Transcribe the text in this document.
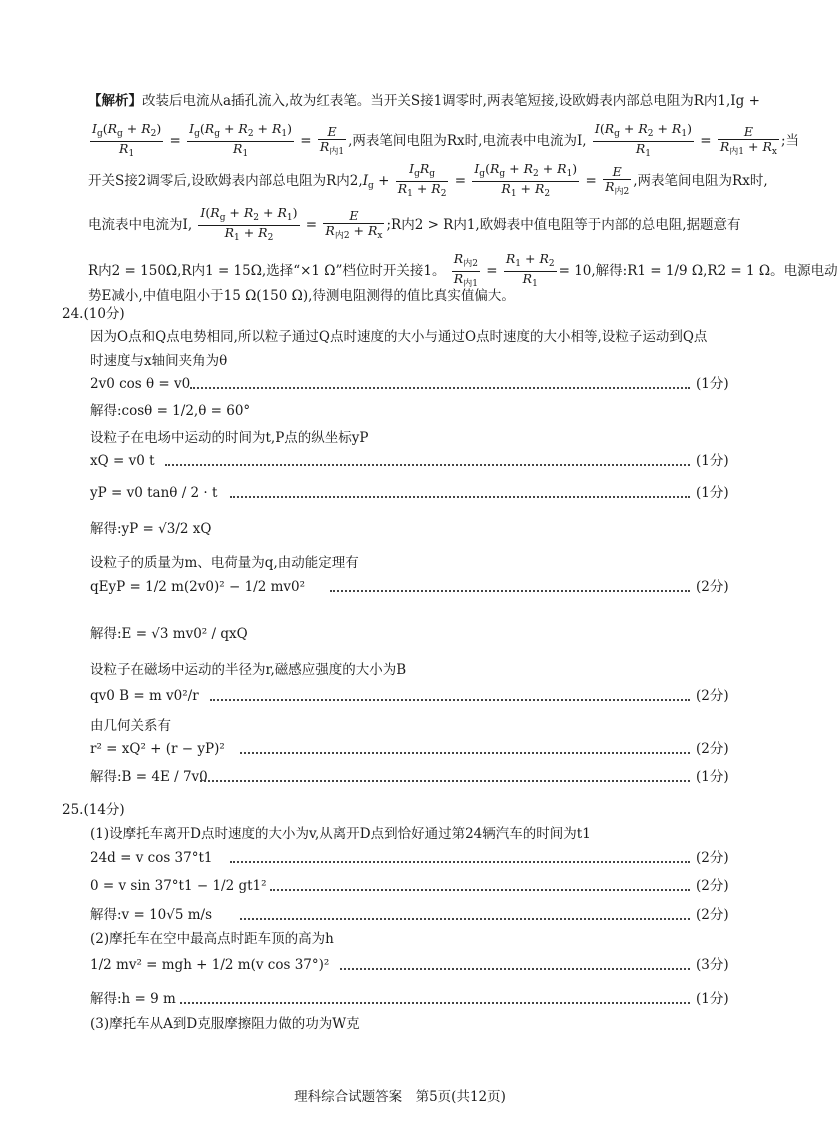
【解析】改装后电流从a插孔流入,故为红表笔。当开关S接1调零时,两表笔短接,设欧姆表内部总电阻为R内1,Ig +
$\frac{I_g(R_g + R_2)}{R_1} = \frac{I_g(R_g + R_2 + R_1)}{R_1} = \frac{E}{R_{内1}}$ ,两表笔间电阻为Rx时,电流表中电流为I, $\frac{I(R_g + R_2 + R_1)}{R_1} = \frac{E}{R_{内1} + R_x}$ ;当
开关S接2调零后,设欧姆表内部总电阻为R内$2,I_g + \frac{I_gR_g}{R_1 + R_2} = \frac{I_g(R_g + R_2 + R_1)}{R_1 + R_2} = \frac{E}{R_{内2}}$ ,两表笔间电阻为Rx时,
电流表中电流为I, $\frac{I(R_g + R_2 + R_1)}{R_1 + R_2} = \frac{E}{R_{内2} + R_x}$ ;R内2 > R内1,欧姆表中值电阻等于内部的总电阻,据题意有
R内2 = 150Ω,R内1 = 15Ω,选择“×1 Ω”档位时开关接1。 $\frac{R_{内2}}{R_{内1}} = \frac{R_1 + R_2}{R_1} = 10$,解得:R1 = 1/9 Ω,R2 = 1 Ω。电源电动
势E减小,中值电阻小于15 Ω(150 Ω),待测电阻测得的值比真实值偏大。
24.(10分)
因为O点和Q点电势相同,所以粒子通过Q点时速度的大小与通过O点时速度的大小相等,设粒子运动到Q点
时速度与x轴间夹角为θ
2v0 cos θ = v0	(1分)
解得:cosθ = 1/2,θ = 60°
设粒子在电场中运动的时间为t,P点的纵坐标yP
xQ = v0 t	(1分)
yP = v0 tanθ / 2 · t	(1分)
解得:yP = √3/2 xQ
设粒子的质量为m、电荷量为q,由动能定理有
qEyP = 1/2 m(2v0)² − 1/2 mv0²	(2分)
解得:E = √3 mv0² / qxQ
设粒子在磁场中运动的半径为r,磁感应强度的大小为B
qv0 B = m v0²/r	(2分)
由几何关系有
r² = xQ² + (r − yP)²	(2分)
解得:B = 4E / 7v0	(1分)
25.(14分)
(1)设摩托车离开D点时速度的大小为v,从离开D点到恰好通过第24辆汽车的时间为t1
24d = v cos 37°t1	(2分)
0 = v sin 37°t1 − 1/2 gt1²	(2分)
解得:v = 10√5 m/s	(2分)
(2)摩托车在空中最高点时距车顶的高为h
1/2 mv² = mgh + 1/2 m(v cos 37°)²	(3分)
解得:h = 9 m	(1分)
(3)摩托车从A到D克服摩擦阻力做的功为W克
理科综合试题答案　第5页(共12页)
